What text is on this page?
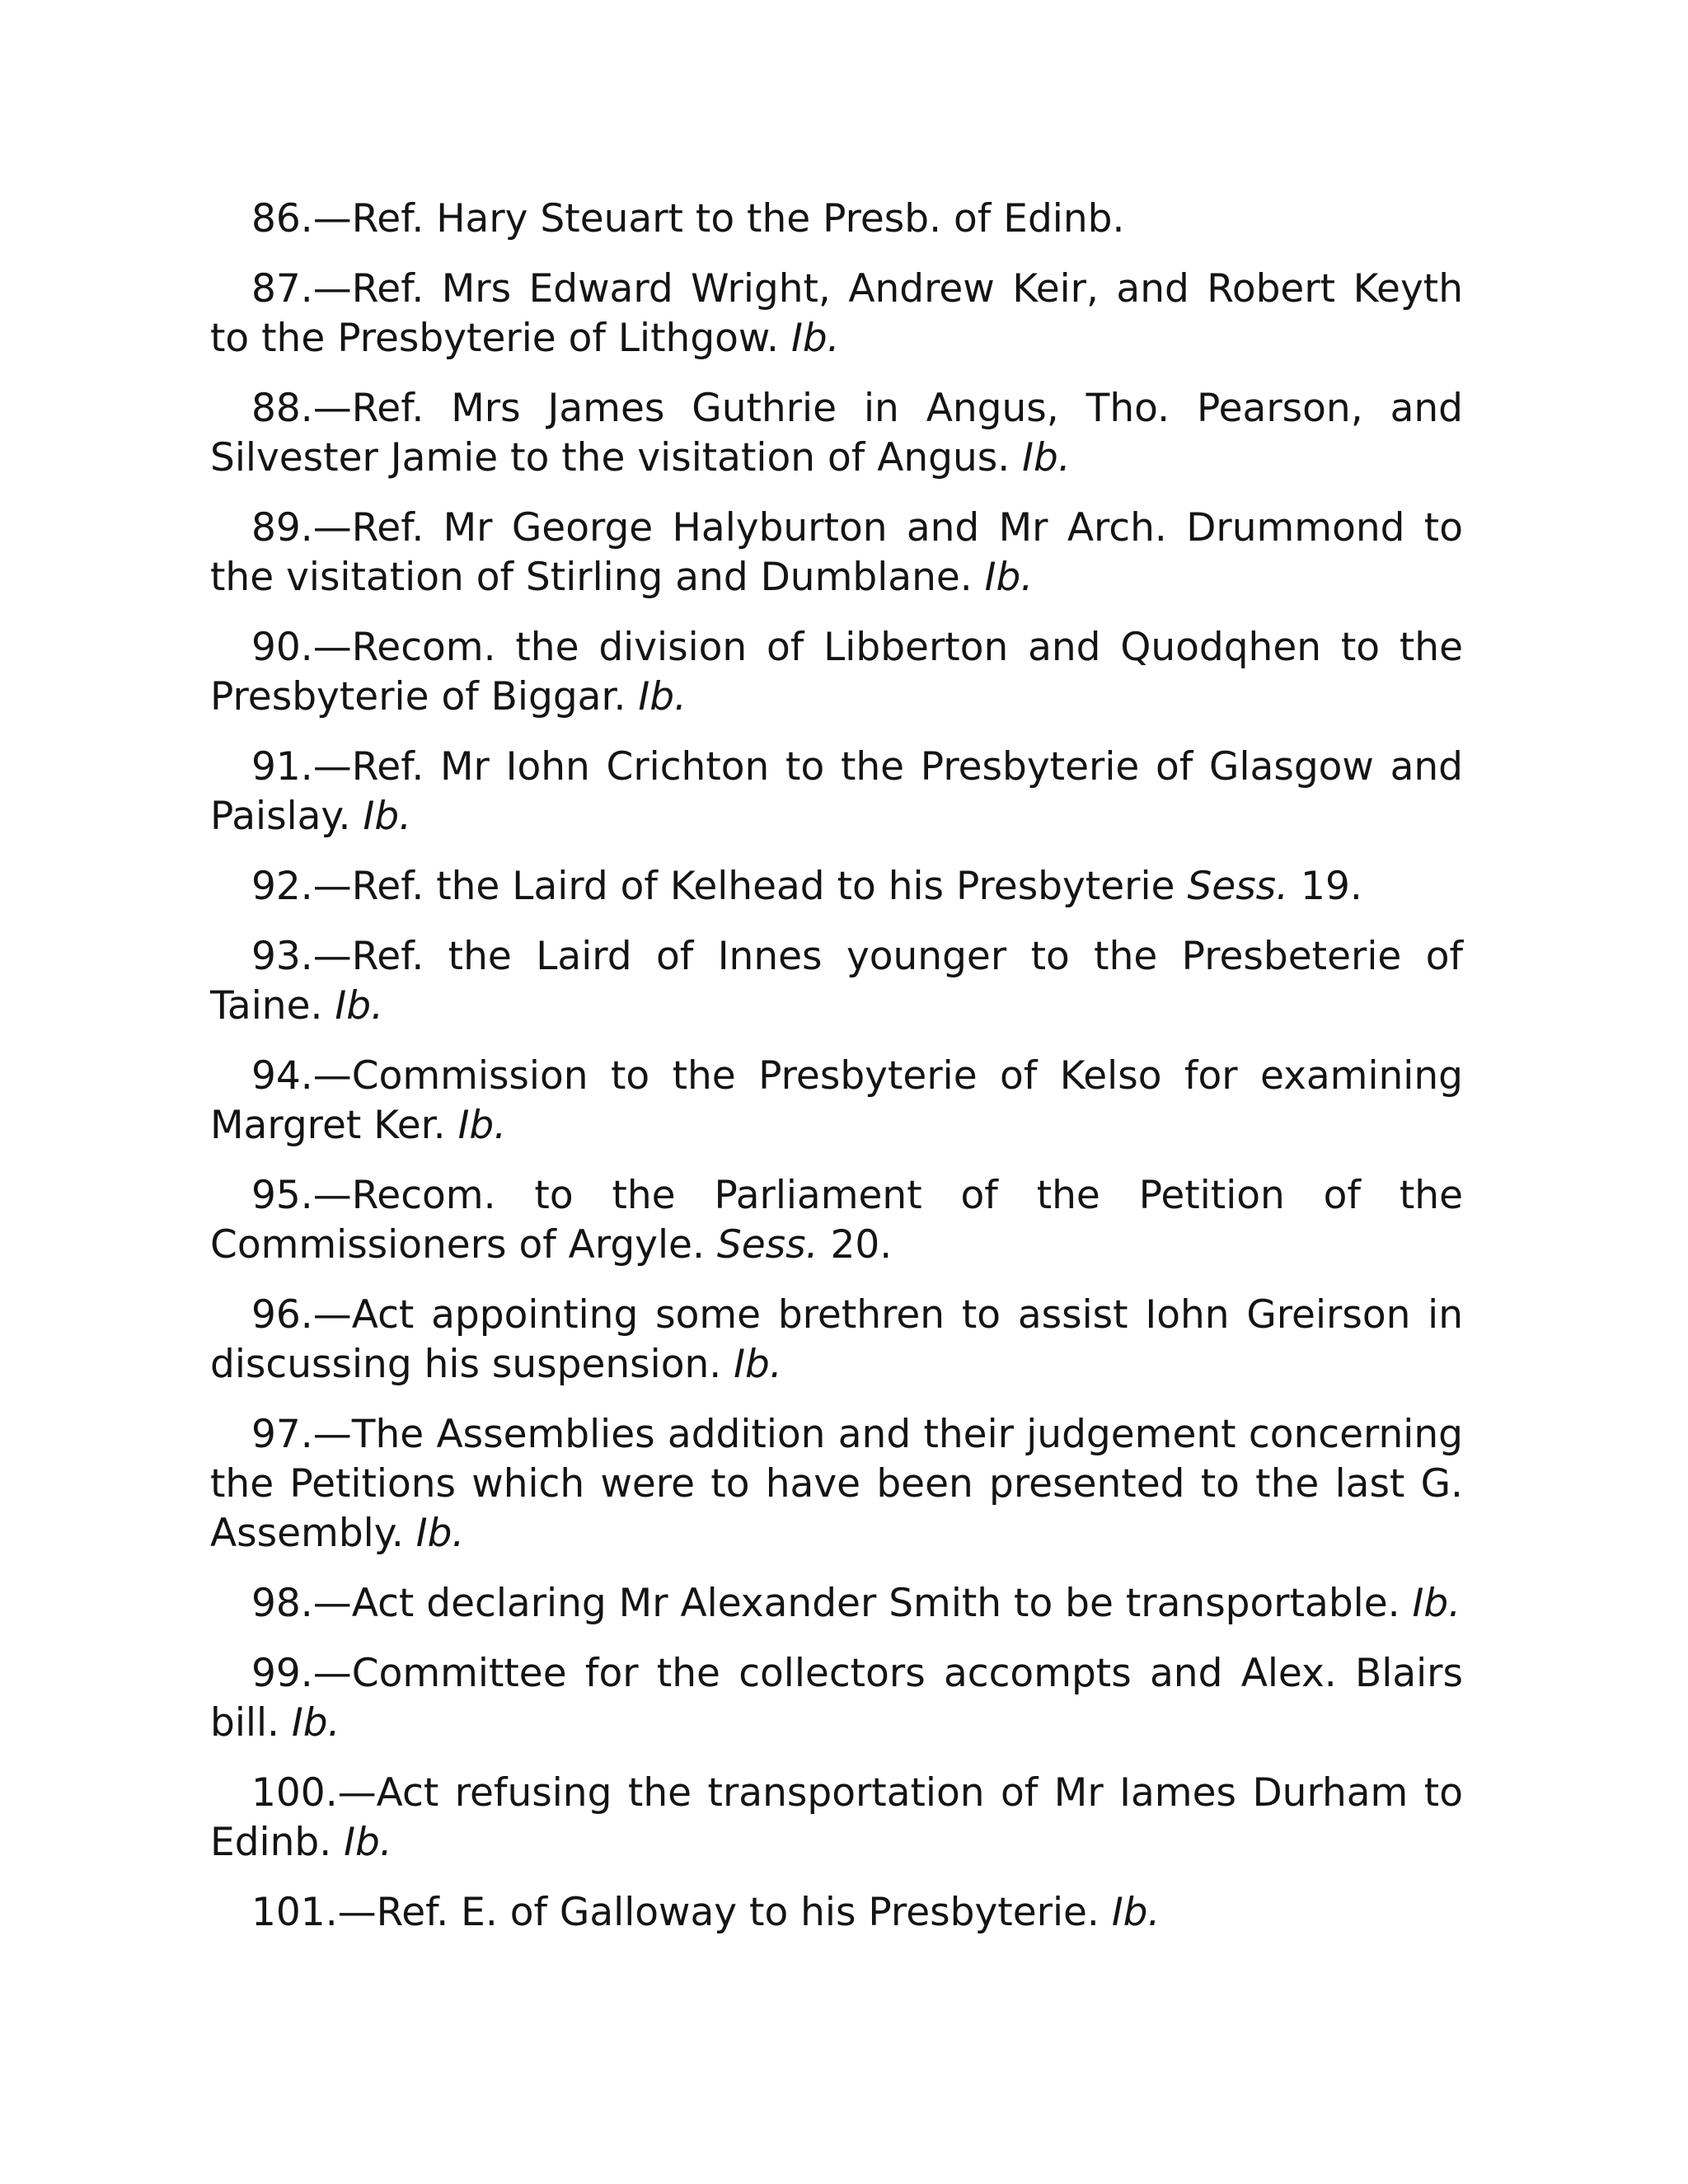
86.—Ref. Hary Steuart to the Presb. of Edinb.

87.—Ref. Mrs Edward Wright, Andrew Keir, and Robert Keyth to the Presbyterie of Lithgow. Ib.

88.—Ref. Mrs James Guthrie in Angus, Tho. Pearson, and Silvester Jamie to the visitation of Angus. Ib.

89.—Ref. Mr George Halyburton and Mr Arch. Drummond to the visitation of Stirling and Dumblane. Ib.

90.—Recom. the division of Libberton and Quodqhen to the Presbyterie of Biggar. Ib.

91.—Ref. Mr Iohn Crichton to the Presbyterie of Glasgow and Paislay. Ib.

92.—Ref. the Laird of Kelhead to his Presbyterie Sess. 19.

93.—Ref. the Laird of Innes younger to the Presbeterie of Taine. Ib.

94.—Commission to the Presbyterie of Kelso for examining Margret Ker. Ib.

95.—Recom. to the Parliament of the Petition of the Commissioners of Argyle. Sess. 20.

96.—Act appointing some brethren to assist Iohn Greirson in discussing his suspension. Ib.

97.—The Assemblies addition and their judgement concerning the Petitions which were to have been presented to the last G. Assembly. Ib.

98.—Act declaring Mr Alexander Smith to be transportable. Ib.

99.—Committee for the collectors accompts and Alex. Blairs bill. Ib.

100.—Act refusing the transportation of Mr Iames Durham to Edinb. Ib.

101.—Ref. E. of Galloway to his Presbyterie. Ib.
